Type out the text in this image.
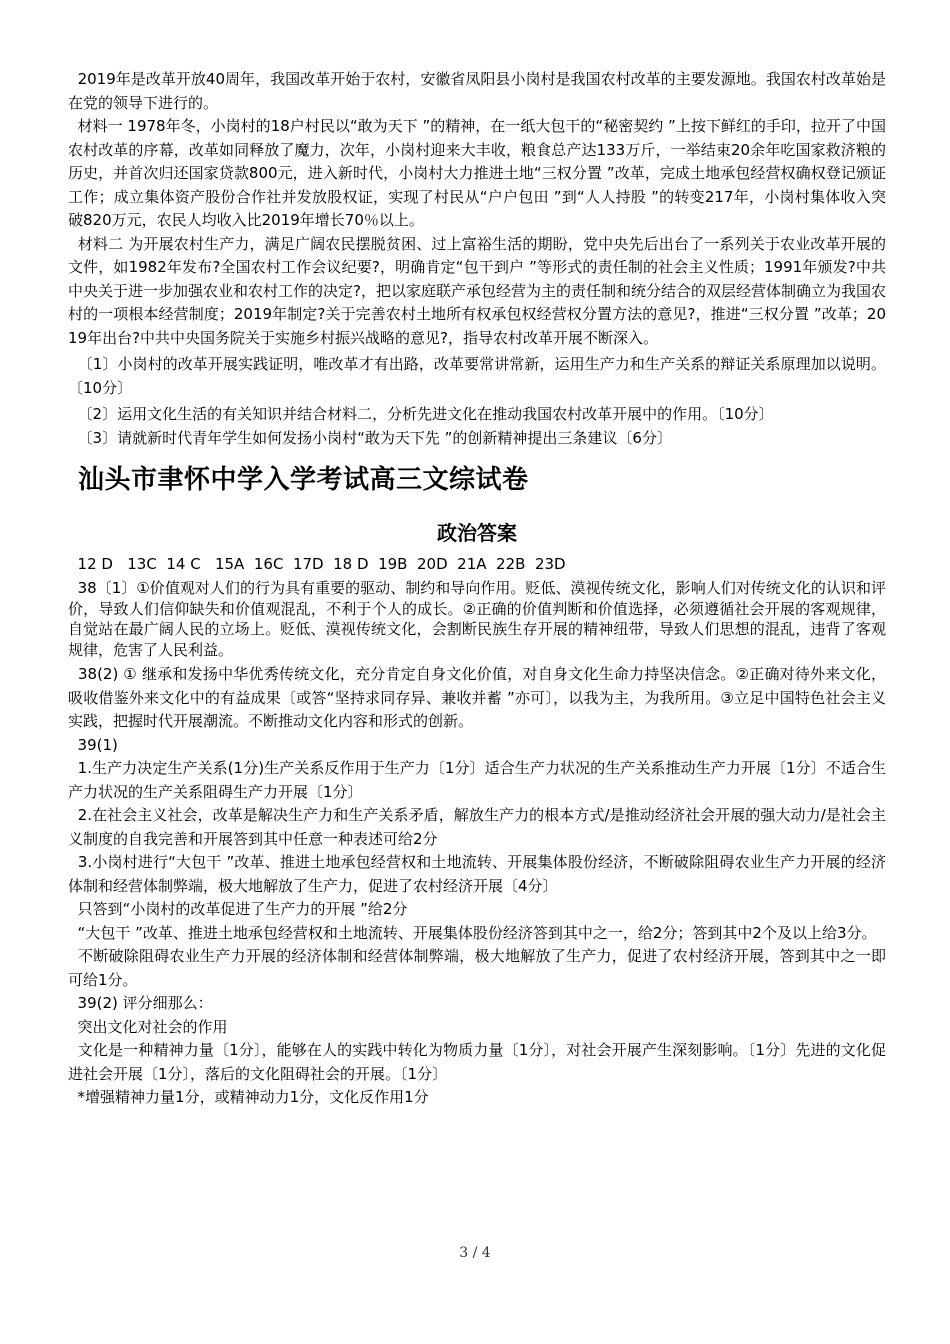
2019年是改革开放40周年，我国改革开始于农村，安徽省凤阳县小岗村是我国农村改革的主要发源地。我国农村改革始是在党的领导下进行的。

材料一 1978年冬，小岗村的18户村民以“敢为天下 ”的精神，在一纸大包干的“秘密契约 ”上按下鲜红的手印，拉开了中国农村改革的序幕，改革如同释放了魔力，次年，小岗村迎来大丰收，粮食总产达133万斤，一举结束20余年吃国家救济粮的历史，并首次归还国家贷款800元，进入新时代，小岗村大力推进土地“三权分置 ”改革，完成土地承包经营权确权登记颁证工作；成立集体资产股份合作社并发放股权证，实现了村民从“户户包田 ”到“人人持股 ”的转变217年，小岗村集体收入突破820万元，农民人均收入比2019年增长70％以上。

材料二 为开展农村生产力，满足广阔农民摆脱贫困、过上富裕生活的期盼，党中央先后出台了一系列关于农业改革开展的文件，如1982年发布?全国农村工作会议纪要?，明确肯定“包干到户 ”等形式的责任制的社会主义性质；1991年颁发?中共中央关于进一步加强农业和农村工作的决定?，把以家庭联产承包经营为主的责任制和统分结合的双层经营体制确立为我国农村的一项根本经营制度；2019年制定?关于完善农村土地所有权承包权经营权分置方法的意见?，推进“三权分置 ”改革；2019年出台?中共中央国务院关于实施乡村振兴战略的意见?，指导农村改革开展不断深入。

〔1〕小岗村的改革开展实践证明，唯改革才有出路，改革要常讲常新，运用生产力和生产关系的辩证关系原理加以说明。〔10分〕

〔2〕运用文化生活的有关知识并结合材料二，分析先进文化在推动我国农村改革开展中的作用。〔10分〕

〔3〕请就新时代青年学生如何发扬小岗村“敢为天下先 ”的创新精神提出三条建议〔6分〕

汕头市聿怀中学入学考试高三文综试卷
政治答案
12 D   13C  14 C   15A  16C  17D  18 D  19B  20D  21A  22B  23D

38〔1〕①价值观对人们的行为具有重要的驱动、制约和导向作用。贬低、漠视传统文化，影响人们对传统文化的认识和评价，导致人们信仰缺失和价值观混乱，不利于个人的成长。②正确的价值判断和价值选择，必须遵循社会开展的客观规律，自觉站在最广阔人民的立场上。贬低、漠视传统文化，会割断民族生存开展的精神纽带，导致人们思想的混乱，违背了客观规律，危害了人民利益。

38(2) ① 继承和发扬中华优秀传统文化，充分肯定自身文化价值，对自身文化生命力持坚决信念。②正确对待外来文化，吸收借鉴外来文化中的有益成果〔或答“坚持求同存异、兼收并蓄 ”亦可〕，以我为主，为我所用。③立足中国特色社会主义实践，把握时代开展潮流。不断推动文化内容和形式的创新。

39(1)

1.生产力决定生产关系(1分)生产关系反作用于生产力〔1分〕适合生产力状况的生产关系推动生产力开展〔1分〕不适合生产力状况的生产关系阻碍生产力开展〔1分〕

2.在社会主义社会，改革是解决生产力和生产关系矛盾，解放生产力的根本方式/是推动经济社会开展的强大动力/是社会主义制度的自我完善和开展答到其中任意一种表述可给2分

3.小岗村进行“大包干 ”改革、推进土地承包经营权和土地流转、开展集体股份经济，不断破除阻碍农业生产力开展的经济体制和经营体制弊端，极大地解放了生产力，促进了农村经济开展〔4分〕

只答到“小岗村的改革促进了生产力的开展 ”给2分

“大包干 ”改革、推进土地承包经营权和土地流转、开展集体股份经济答到其中之一，给2分；答到其中2个及以上给3分。

不断破除阻碍农业生产力开展的经济体制和经营体制弊端，极大地解放了生产力，促进了农村经济开展，答到其中之一即可给1分。

39(2) 评分细那么：

突出文化对社会的作用

文化是一种精神力量〔1分〕，能够在人的实践中转化为物质力量〔1分〕，对社会开展产生深刻影响。〔1分〕先进的文化促进社会开展〔1分〕，落后的文化阻碍社会的开展。〔1分〕

*增强精神力量1分，或精神动力1分，文化反作用1分

3 / 4
